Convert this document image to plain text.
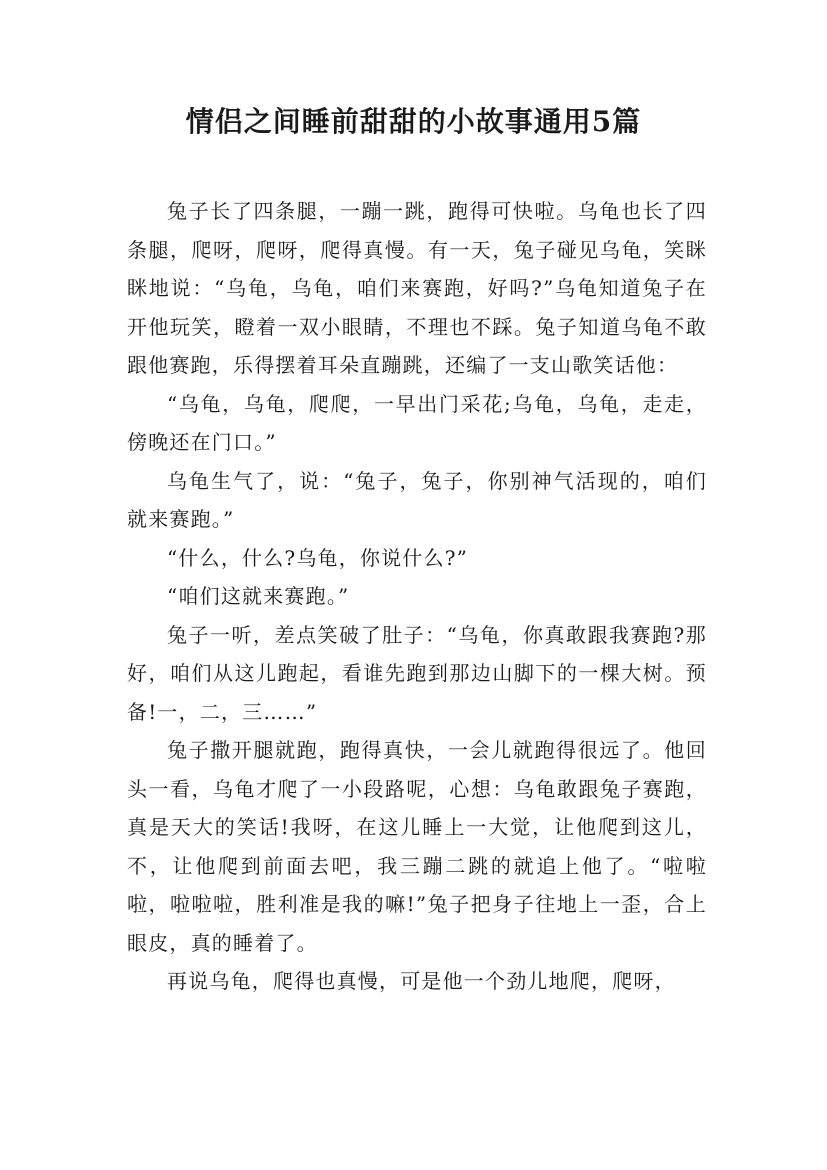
情侣之间睡前甜甜的小故事通用5篇

兔子长了四条腿，一蹦一跳，跑得可快啦。乌龟也长了四条腿，爬呀，爬呀，爬得真慢。有一天，兔子碰见乌龟，笑眯眯地说：“乌龟，乌龟，咱们来赛跑，好吗?”乌龟知道兔子在开他玩笑，瞪着一双小眼睛，不理也不踩。兔子知道乌龟不敢跟他赛跑，乐得摆着耳朵直蹦跳，还编了一支山歌笑话他：

“乌龟，乌龟，爬爬，一早出门采花;乌龟，乌龟，走走，傍晚还在门口。”

乌龟生气了，说：“兔子，兔子，你别神气活现的，咱们就来赛跑。”

“什么，什么?乌龟，你说什么?”

“咱们这就来赛跑。”

兔子一听，差点笑破了肚子：“乌龟，你真敢跟我赛跑?那好，咱们从这儿跑起，看谁先跑到那边山脚下的一棵大树。预备!一，二，三……”

兔子撒开腿就跑，跑得真快，一会儿就跑得很远了。他回头一看，乌龟才爬了一小段路呢，心想：乌龟敢跟兔子赛跑，真是天大的笑话!我呀，在这儿睡上一大觉，让他爬到这儿，不，让他爬到前面去吧，我三蹦二跳的就追上他了。“啦啦啦，啦啦啦，胜利准是我的嘛!”兔子把身子往地上一歪，合上眼皮，真的睡着了。

再说乌龟，爬得也真慢，可是他一个劲儿地爬，爬呀，
